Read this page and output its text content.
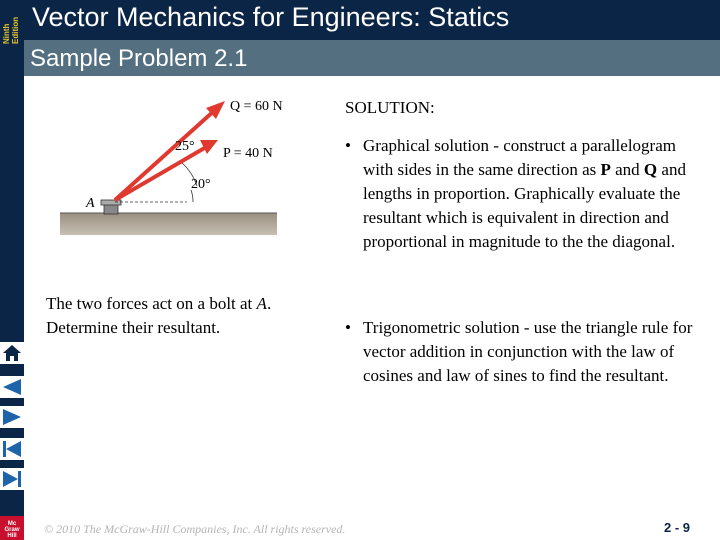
Ninth Edition
Mc
Graw
Hill
Vector Mechanics for Engineers: Statics
Sample Problem 2.1
Q = 60 N
P = 40 N
25°
20°
A
The two forces act on a bolt at A. Determine their resultant.
SOLUTION:
• Graphical solution - construct a parallelogram with sides in the same direction as P and Q and lengths in proportion. Graphically evaluate the resultant which is equivalent in direction and proportional in magnitude to the the diagonal.
• Trigonometric solution - use the triangle rule for vector addition in conjunction with the law of cosines and law of sines to find the resultant.
© 2010 The McGraw-Hill Companies, Inc. All rights reserved.	2 - 9
